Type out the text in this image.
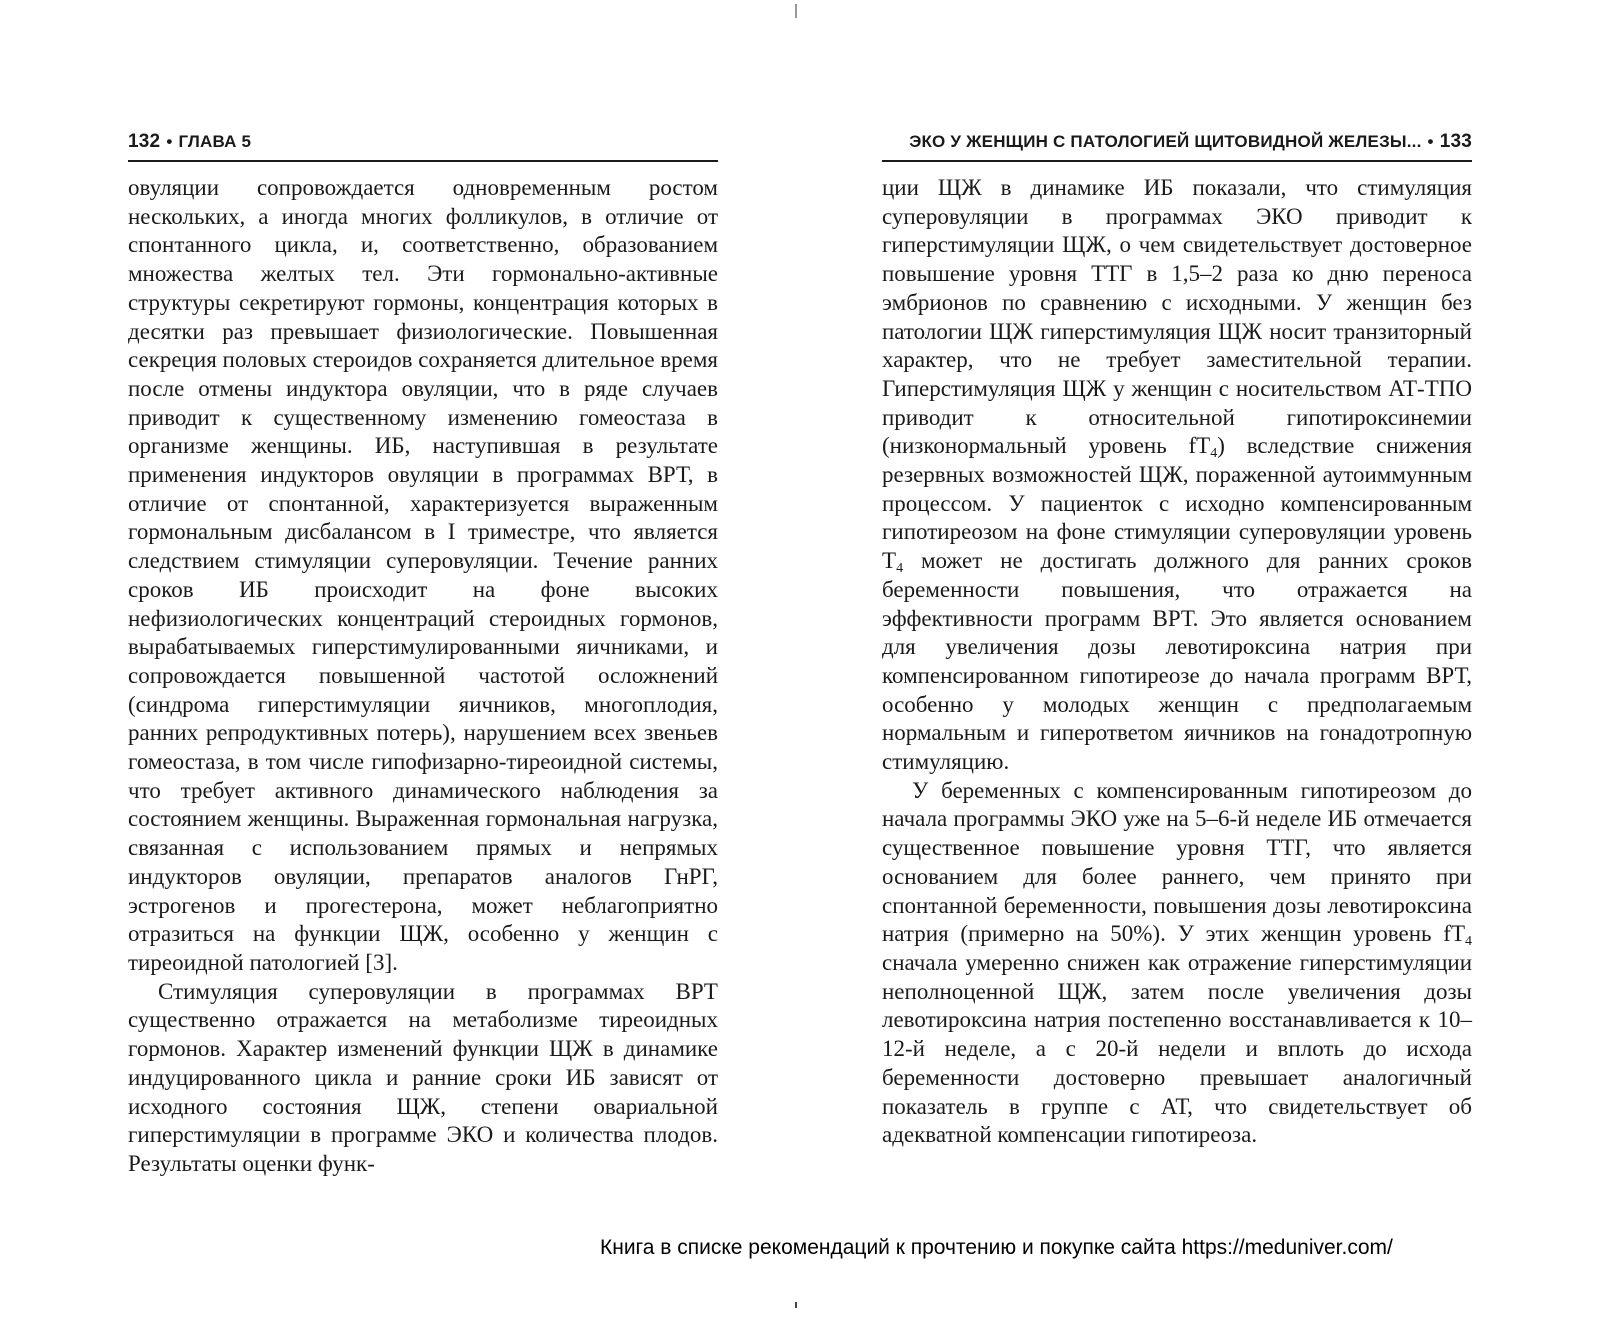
132 • ГЛАВА 5

овуляции сопровождается одновременным ростом нескольких, а иногда многих фолликулов, в отличие от спонтанного цикла, и, соответственно, образованием множества желтых тел. Эти гормонально-активные структуры секретируют гормоны, концентрация которых в десятки раз превышает физиологические. Повышенная секреция половых стероидов сохраняется длительное время после отмены индуктора овуляции, что в ряде случаев приводит к существенному изменению гомеостаза в организме женщины. ИБ, наступившая в результате применения индукторов овуляции в программах ВРТ, в отличие от спонтанной, характеризуется выраженным гормональным дисбалансом в I триместре, что является следствием стимуляции суперовуляции. Течение ранних сроков ИБ происходит на фоне высоких нефизиологических концентраций стероидных гормонов, вырабатываемых гиперстимулированными яичниками, и сопровождается повышенной частотой осложнений (синдрома гиперстимуляции яичников, многоплодия, ранних репродуктивных потерь), нарушением всех звеньев гомеостаза, в том числе гипофизарно-тиреоидной системы, что требует активного динамического наблюдения за состоянием женщины. Выраженная гормональная нагрузка, связанная с использованием прямых и непрямых индукторов овуляции, препаратов аналогов ГнРГ, эстрогенов и прогестерона, может неблагоприятно отразиться на функции ЩЖ, особенно у женщин с тиреоидной патологией [3].

Стимуляция суперовуляции в программах ВРТ существенно отражается на метаболизме тиреоидных гормонов. Характер изменений функции ЩЖ в динамике индуцированного цикла и ранние сроки ИБ зависят от исходного состояния ЩЖ, степени овариальной гиперстимуляции в программе ЭКО и количества плодов. Результаты оценки функ-

ЭКО У ЖЕНЩИН С ПАТОЛОГИЕЙ ЩИТОВИДНОЙ ЖЕЛЕЗЫ... • 133

ции ЩЖ в динамике ИБ показали, что стимуляция суперовуляции в программах ЭКО приводит к гиперстимуляции ЩЖ, о чем свидетельствует достоверное повышение уровня ТТГ в 1,5–2 раза ко дню переноса эмбрионов по сравнению с исходными. У женщин без патологии ЩЖ гиперстимуляция ЩЖ носит транзиторный характер, что не требует заместительной терапии. Гиперстимуляция ЩЖ у женщин с носительством АТ-ТПО приводит к относительной гипотироксинемии (низконормальный уровень $fT_4$) вследствие снижения резервных возможностей ЩЖ, пораженной аутоиммунным процессом. У пациенток с исходно компенсированным гипотиреозом на фоне стимуляции суперовуляции уровень $Т_4$ может не достигать должного для ранних сроков беременности повышения, что отражается на эффективности программ ВРТ. Это является основанием для увеличения дозы левотироксина натрия при компенсированном гипотиреозе до начала программ ВРТ, особенно у молодых женщин с предполагаемым нормальным и гиперответом яичников на гонадотропную стимуляцию.

У беременных с компенсированным гипотиреозом до начала программы ЭКО уже на 5–6-й неделе ИБ отмечается существенное повышение уровня ТТГ, что является основанием для более раннего, чем принято при спонтанной беременности, повышения дозы левотироксина натрия (примерно на 50%). У этих женщин уровень $fT_4$ сначала умеренно снижен как отражение гиперстимуляции неполноценной ЩЖ, затем после увеличения дозы левотироксина натрия постепенно восстанавливается к 10–12-й неделе, а с 20-й недели и вплоть до исхода беременности достоверно превышает аналогичный показатель в группе с АТ, что свидетельствует об адекватной компенсации гипотиреоза.

Книга в списке рекомендаций к прочтению и покупке сайта https://meduniver.com/
